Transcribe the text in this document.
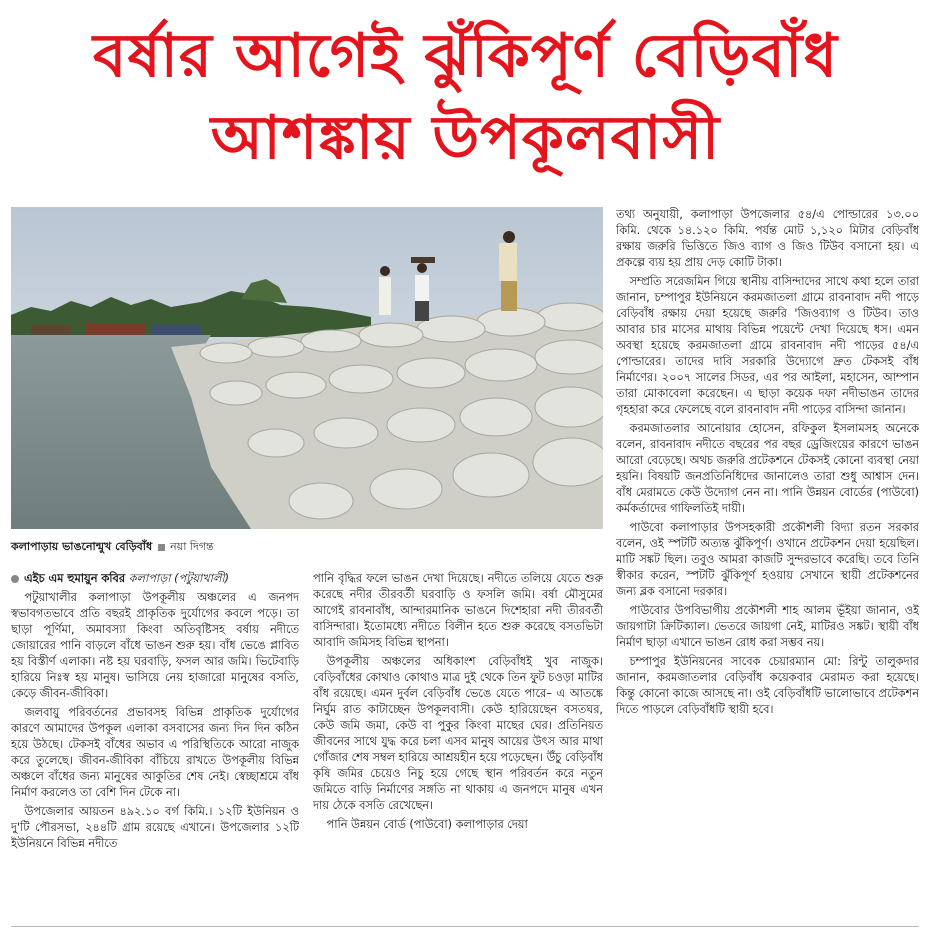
বর্ষার আগেই ঝুঁকিপূর্ণ বেড়িবাঁধ
আশঙ্কায় উপকূলবাসী
কলাপাড়ায় ভাঙনোন্মুখ বেড়িবাঁধ নয়া দিগন্ত

এইচ এম হুমায়ুন কবির কলাপাড়া (পটুয়াখালী)

পটুয়াখালীর কলাপাড়া উপকূলীয় অঞ্চলের এ জনপদ স্বভাবগতভাবে প্রতি বছরই প্রাকৃতিক দুর্যোগের কবলে পড়ে। তা ছাড়া পূর্ণিমা, অমাবস্যা কিংবা অতিবৃষ্টিসহ বর্ষায় নদীতে জোয়ারের পানি বাড়লে বাঁধে ভাঙন শুরু হয়। বাঁধ ভেঙে প্লাবিত হয় বিস্তীর্ণ এলাকা। নষ্ট হয় ঘরবাড়ি, ফসল আর জমি। ভিটেবাড়ি হারিয়ে নিঃস্ব হয় মানুষ। ভাসিয়ে নেয় হাজারো মানুষের বসতি, কেড়ে জীবন-জীবিকা।

জলবায়ু পরিবর্তনের প্রভাবসহ বিভিন্ন প্রাকৃতিক দুর্যোগের কারণে আমাদের উপকূল এলাকা বসবাসের জন্য দিন দিন কঠিন হয়ে উঠছে। টেকসই বাঁধের অভাব এ পরিস্থিতিকে আরো নাজুক করে তুলেছে। জীবন-জীবিকা বাঁচিয়ে রাখতে উপকূলীয় বিভিন্ন অঞ্চলে বাঁধের জন্য মানুষের আকুতির শেষ নেই। স্বেচ্ছাশ্রমে বাঁধ নির্মাণ করলেও তা বেশি দিন টেকে না।

উপজেলার আয়তন ৪৯২.১০ বর্গ কিমি.। ১২টি ইউনিয়ন ও দু'টি পৌরসভা, ২৪৪টি গ্রাম রয়েছে এখানে। উপজেলার ১২টি ইউনিয়নে বিভিন্ন নদীতে

পানি বৃদ্ধির ফলে ভাঙন দেখা দিয়েছে। নদীতে তলিয়ে যেতে শুরু করেছে নদীর তীরবর্তী ঘরবাড়ি ও ফসলি জমি। বর্ষা মৌসুমের আগেই রাবনাবাঁধ, আন্দারমানিক ভাঙনে দিশেহারা নদী তীরবর্তী বাসিন্দারা। ইতোমধ্যে নদীতে বিলীন হতে শুরু করেছে বসতভিটা আবাদি জমিসহ বিভিন্ন স্থাপনা।

উপকূলীয় অঞ্চলের অধিকাংশ বেড়িবাঁধই খুব নাজুক। বেড়িবাঁধের কোথাও কোথাও মাত্র দুই থেকে তিন ফুট চওড়া মাটির বাঁধ রয়েছে। এমন দুর্বল বেড়িবাঁধ ভেঙে যেতে পারে– এ আতঙ্কে নির্ঘুম রাত কাটাচ্ছেন উপকূলবাসী। কেউ হারিয়েছেন বসতঘর, কেউ জমি জমা, কেউ বা পুকুর কিংবা মাছের ঘের। প্রতিনিয়ত জীবনের সাথে যুদ্ধ করে চলা এসব মানুষ আয়ের উৎস আর মাথা গোঁজার শেষ সম্বল হারিয়ে আশ্রয়হীন হয়ে পড়েছেন। উঁচু বেড়িবাঁধ কৃষি জমির চেয়েও নিচু হয়ে গেছে স্থান পরিবর্তন করে নতুন জমিতে বাড়ি নির্মাণের সঙ্গতি না থাকায় এ জনপদে মানুষ এখন দায় ঠেকে বসতি রেখেছেন।

পানি উন্নয়ন বোর্ড (পাউবো) কলাপাড়ার দেয়া

তথ্য অনুযায়ী, কলাপাড়া উপজেলার ৫৪/এ পোল্ডারের ১৩.০০ কিমি. থেকে ১৪.১২০ কিমি. পর্যন্ত মোট ১,১২০ মিটার বেড়িবাঁধ রক্ষায় জরুরি ভিত্তিতে জিও ব্যাগ ও জিও টিউব বসানো হয়। এ প্রকল্পে ব্যয় হয় প্রায় দেড় কোটি টাকা।

সম্প্রতি সরেজমিন গিয়ে স্থানীয় বাসিন্দাদের সাথে কথা হলে তারা জানান, চম্পাপুর ইউনিয়নে করমজাতলা গ্রামে রাবনাবাদ নদী পাড়ে বেড়িবাঁধ রক্ষায় দেয়া হয়েছে জরুরি 'জিওব্যাগ ও টিউব। তাও আবার চার মাসের মাথায় বিভিন্ন পয়েন্টে দেখা দিয়েছে ধস। এমন অবস্থা হয়েছে করমজাতলা গ্রামে রাবনাবাদ নদী পাড়ের ৫৪/এ পোল্ডারের। তাদের দাবি সরকারি উদ্যোগে দ্রুত টেকসই বাঁধ নির্মাণের। ২০০৭ সালের সিডর, এর পর আইলা, মহাসেন, আম্পান তারা মোকাবেলা করেছেন। এ ছাড়া কয়েক দফা নদীভাঙন তাদের গৃহহারা করে ফেলেছে বলে রাবনাবাদ নদী পাড়ের বাসিন্দা জানান।

করমজাতলার আনোয়ার হোসেন, রফিকুল ইসলামসহ অনেকে বলেন, রাবনাবাদ নদীতে বছরের পর বছর ড্রেজিংয়ের কারণে ভাঙন আরো বেড়েছে। অথচ জরুরি প্রটেকশনে টেকসই কোনো ব্যবস্থা নেয়া হয়নি। বিষয়টি জনপ্রতিনিধিদের জানালেও তারা শুধু আশ্বাস দেন। বাঁধ মেরামতে কেউ উদ্যোগ নেন না। পানি উন্নয়ন বোর্ডের (পাউবো) কর্মকর্তাদের গাফিলতিই দায়ী।

পাউবো কলাপাড়ার উপসহকারী প্রকৌশলী বিদ্যা রতন সরকার বলেন, ওই স্পটটি অত্যন্ত ঝুঁকিপূর্ণ। ওখানে প্রটেকশন দেয়া হয়েছিল। মাটি সঙ্কট ছিল। তবুও আমরা কাজটি সুন্দরভাবে করেছি। তবে তিনি স্বীকার করেন, স্পটটি ঝুঁকিপূর্ণ হওয়ায় সেখানে স্থায়ী প্রটেকশনের জন্য ব্লক বসানো দরকার।

পাউবোর উপবিভাগীয় প্রকৌশলী শাহ আলম ভূঁইয়া জানান, ওই জায়গাটা ক্রিটিক্যাল। ভেতরে জায়গা নেই, মাটিরও সঙ্কট। স্থায়ী বাঁধ নির্মাণ ছাড়া এখানে ভাঙন রোধ করা সম্ভব নয়।

চম্পাপুর ইউনিয়নের সাবেক চেয়ারম্যান মো: রিন্টু তালুকদার জানান, করমজাতলার বেড়িবাঁধ কয়েকবার মেরামত করা হয়েছে। কিন্তু কোনো কাজে আসছে না। ওই বেড়িবাঁধটি ভালোভাবে প্রটেকশন দিতে পাড়লে বেড়িবাঁধটি স্থায়ী হবে।
